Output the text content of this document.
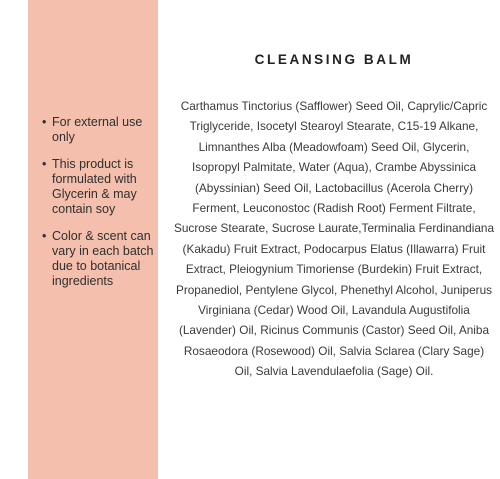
• For external use only
• This product is formulated with Glycerin & may contain soy
• Color & scent can vary in each batch due to botanical ingredients
CLEANSING BALM

Carthamus Tinctorius (Safflower) Seed Oil, Caprylic/Capric Triglyceride, Isocetyl Stearoyl Stearate, C15-19 Alkane, Limnanthes Alba (Meadowfoam) Seed Oil, Glycerin, Isopropyl Palmitate, Water (Aqua), Crambe Abyssinica (Abyssinian) Seed Oil, Lactobacillus (Acerola Cherry) Ferment, Leuconostoc (Radish Root) Ferment Filtrate, Sucrose Stearate, Sucrose Laurate,Terminalia Ferdinandiana (Kakadu) Fruit Extract, Podocarpus Elatus (Illawarra) Fruit Extract, Pleiogynium Timoriense (Burdekin) Fruit Extract, Propanediol, Pentylene Glycol, Phenethyl Alcohol, Juniperus Virginiana (Cedar) Wood Oil, Lavandula Augustifolia (Lavender) Oil, Ricinus Communis (Castor) Seed Oil, Aniba Rosaeodora (Rosewood) Oil, Salvia Sclarea (Clary Sage) Oil, Salvia Lavendulaefolia (Sage) Oil.
